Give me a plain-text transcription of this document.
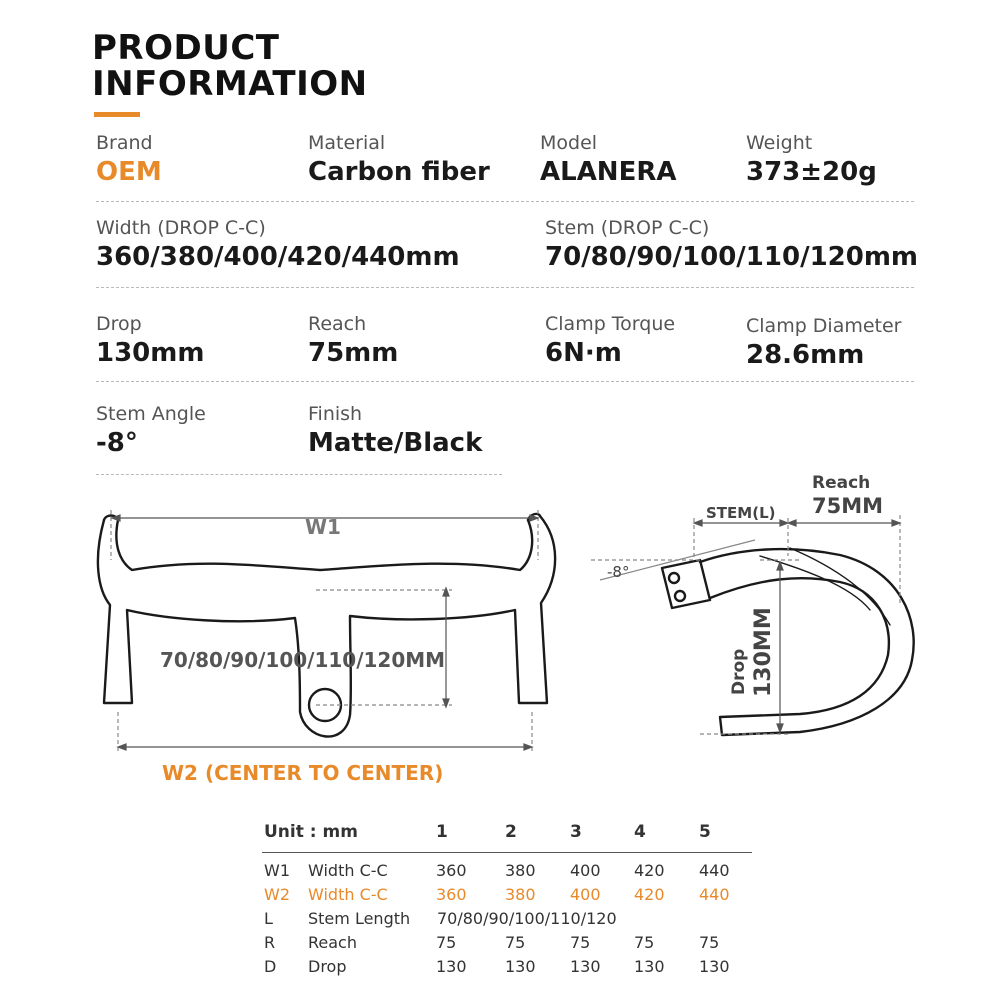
PRODUCT
INFORMATION
Brand
OEM
Material
Carbon fiber
Model
ALANERA
Weight
373±20g
Width (DROP C-C)
360/380/400/420/440mm
Stem (DROP C-C)
70/80/90/100/110/120mm
Drop
130mm
Reach
75mm
Clamp Torque
6N·m
Clamp Diameter
28.6mm
Stem Angle
-8°
Finish
Matte/Black
W1
70/80/90/100/110/120MM
W2 (CENTER TO CENTER)
STEM(L)
Reach
75MM
-8°
Drop 130MM
Unit : mm	1	2	3	4	5
W1 Width C-C	360 380 400 420 440
W2 Width C-C	360 380 400 420 440
L Stem Length 70/80/90/100/110/120
R Reach	75	75	75	75	75
D Drop	130 130 130 130 130
